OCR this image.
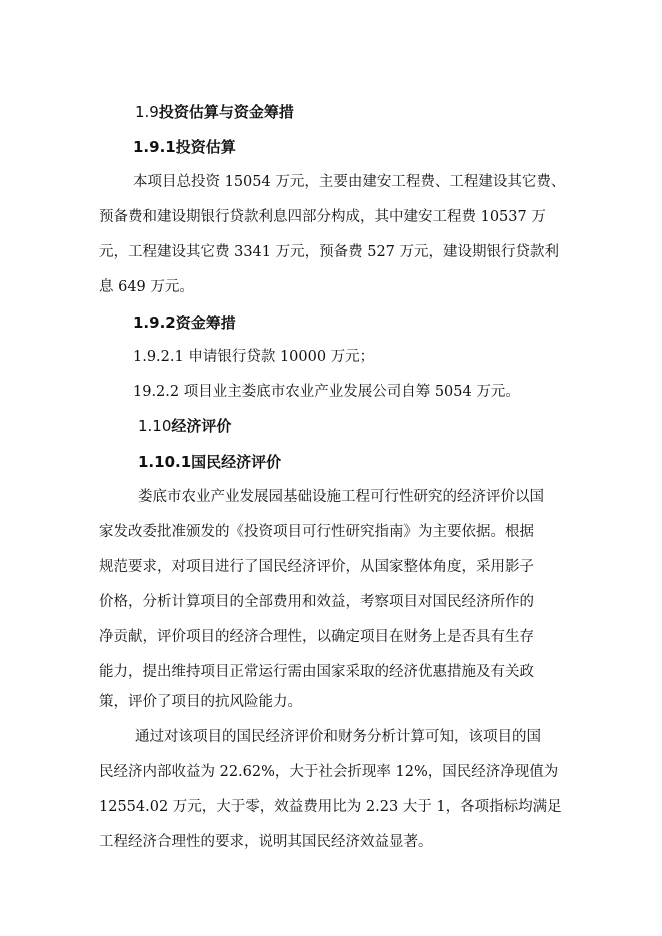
1.9投资估算与资金筹措
1.9.1投资估算
本项目总投资 15054 万元，主要由建安工程费、工程建设其它费、
预备费和建设期银行贷款利息四部分构成，其中建安工程费 10537 万
元，工程建设其它费 3341 万元，预备费 527 万元，建设期银行贷款利
息 649 万元。
1.9.2资金筹措
1.9.2.1 申请银行贷款 10000 万元；
19.2.2 项目业主娄底市农业产业发展公司自筹 5054 万元。
1.10经济评价
1.10.1国民经济评价
娄底市农业产业发展园基础设施工程可行性研究的经济评价以国
家发改委批准颁发的《投资项目可行性研究指南》为主要依据。根据
规范要求，对项目进行了国民经济评价，从国家整体角度，采用影子
价格，分析计算项目的全部费用和效益，考察项目对国民经济所作的
净贡献，评价项目的经济合理性，以确定项目在财务上是否具有生存
能力，提出维持项目正常运行需由国家采取的经济优惠措施及有关政
策，评价了项目的抗风险能力。
通过对该项目的国民经济评价和财务分析计算可知，该项目的国
民经济内部收益为 22.62%，大于社会折现率 12%，国民经济净现值为
12554.02 万元，大于零，效益费用比为 2.23 大于 1，各项指标均满足
工程经济合理性的要求，说明其国民经济效益显著。
